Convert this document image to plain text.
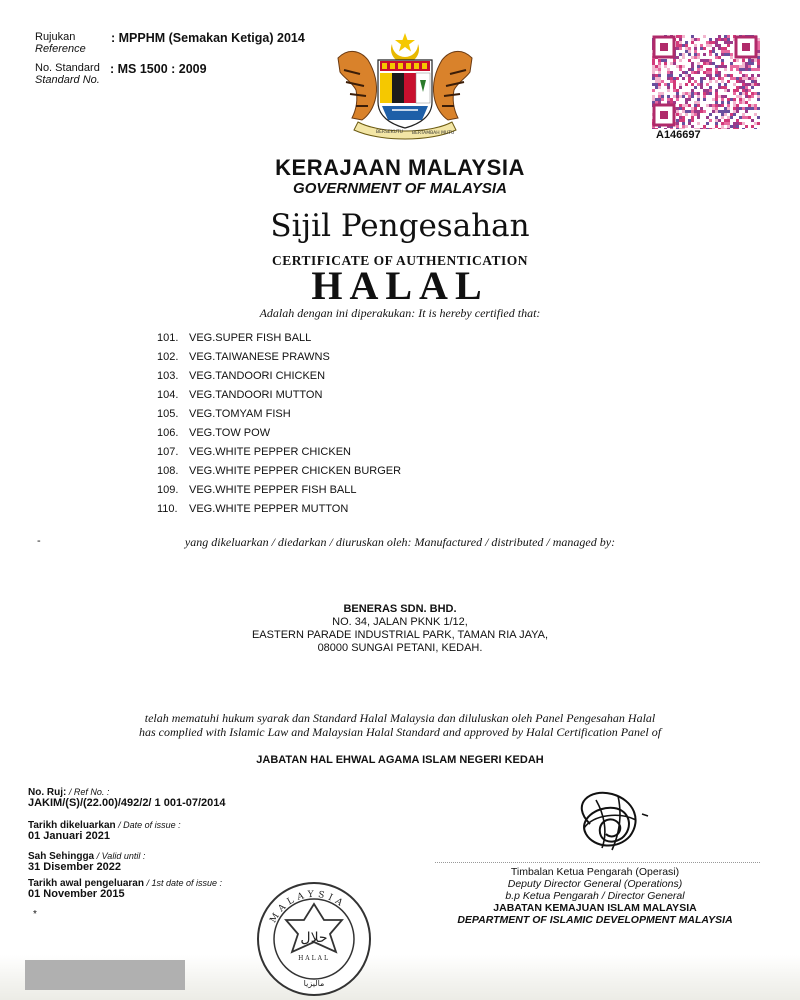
Rujukan
Reference
: MPPHM (Semakan Ketiga) 2014
No. Standard
Standard No.
: MS 1500 : 2009
BERSEKUTU BERTAMBAH MUTU	A146697
KERAJAAN MALAYSIA
GOVERNMENT OF MALAYSIA
Sijil Pengesahan
CERTIFICATE OF AUTHENTICATION
HALAL
Adalah dengan ini diperakukan: It is hereby certified that:
101. VEG.SUPER FISH BALL
102. VEG.TAIWANESE PRAWNS
103. VEG.TANDOORI CHICKEN
104. VEG.TANDOORI MUTTON
105. VEG.TOMYAM FISH
106. VEG.TOW POW
107. VEG.WHITE PEPPER CHICKEN
108. VEG.WHITE PEPPER CHICKEN BURGER
109. VEG.WHITE PEPPER FISH BALL
110.	VEG.WHITE PEPPER MUTTON
-	yang dikeluarkan / diedarkan / diuruskan oleh: Manufactured / distributed / managed by:
BENERAS SDN. BHD.
NO. 34, JALAN PKNK 1/12,
EASTERN PARADE INDUSTRIAL PARK, TAMAN RIA JAYA,
08000 SUNGAI PETANI, KEDAH.
telah mematuhi hukum syarak dan Standard Halal Malaysia dan diluluskan oleh Panel Pengesahan Halal
has complied with Islamic Law and Malaysian Halal Standard and approved by Halal Certification Panel of
JABATAN HAL EHWAL AGAMA ISLAM NEGERI KEDAH
No. Ruj: / Ref No. :
JAKIM/(S)/(22.00)/492/2/ 1 001-07/2014
Tarikh dikeluarkan / Date of issue :
01 Januari 2021
Sah Sehingga / Valid until :
31 Disember 2022
Tarikh awal pengeluaran / 1st date of issue :
01 November 2015
*	MALAYSIA
حلال
HALAL
ماليزيا
Timbalan Ketua Pengarah (Operasi)
Deputy Director General (Operations)
b.p Ketua Pengarah / Director General
JABATAN KEMAJUAN ISLAM MALAYSIA
DEPARTMENT OF ISLAMIC DEVELOPMENT MALAYSIA
